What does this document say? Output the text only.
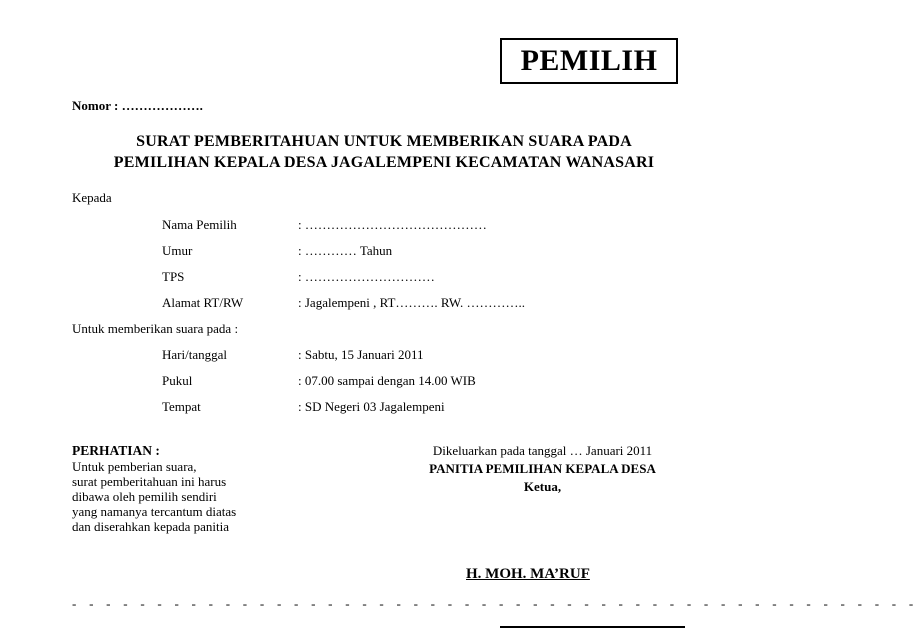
PEMILIH
Nomor : ……………….
SURAT PEMBERITAHUAN UNTUK MEMBERIKAN SUARA PADA
PEMILIHAN KEPALA DESA JAGALEMPENI KECAMATAN WANASARI
Kepada
Nama Pemilih	: ……………………………………
Umur	: ………… Tahun
TPS	: …………………………
Alamat RT/RW	: Jagalempeni , RT………. RW. …………..
Untuk memberikan suara pada :
Hari/tanggal	: Sabtu, 15 Januari 2011
Pukul	: 07.00 sampai dengan 14.00 WIB
Tempat	: SD Negeri 03 Jagalempeni
PERHATIAN :
Untuk pemberian suara,
surat pemberitahuan ini harus
dibawa oleh pemilih sendiri
yang namanya tercantum diatas
dan diserahkan kepada panitia
Dikeluarkan pada tanggal … Januari 2011
PANITIA PEMILIHAN KEPALA DESA
Ketua,
H. MOH. MA’RUF
- - - - - - - - - - - - - - - - - - - - - - - - - - - - - - - - - - - - - - - - - - - - - - - - - -
